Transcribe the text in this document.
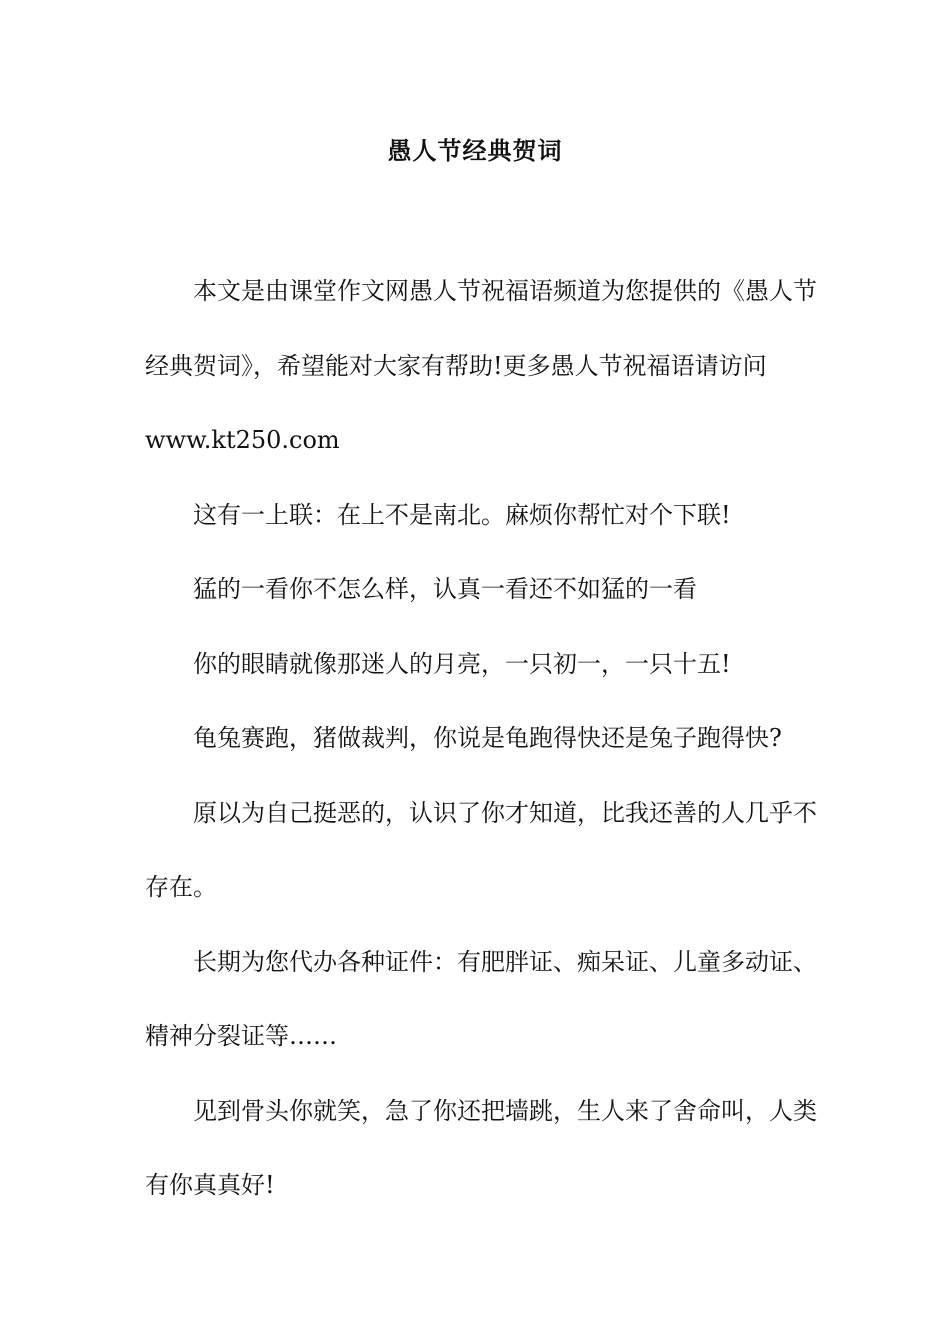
愚人节经典贺词

本文是由课堂作文网愚人节祝福语频道为您提供的《愚人节经典贺词》，希望能对大家有帮助!更多愚人节祝福语请访问

www.kt250.com

这有一上联：在上不是南北。麻烦你帮忙对个下联!

猛的一看你不怎么样，认真一看还不如猛的一看

你的眼睛就像那迷人的月亮，一只初一，一只十五!

龟兔赛跑，猪做裁判，你说是龟跑得快还是兔子跑得快?

原以为自己挺恶的，认识了你才知道，比我还善的人几乎不存在。

长期为您代办各种证件：有肥胖证、痴呆证、儿童多动证、精神分裂证等……

见到骨头你就笑，急了你还把墙跳，生人来了舍命叫，人类有你真真好!
